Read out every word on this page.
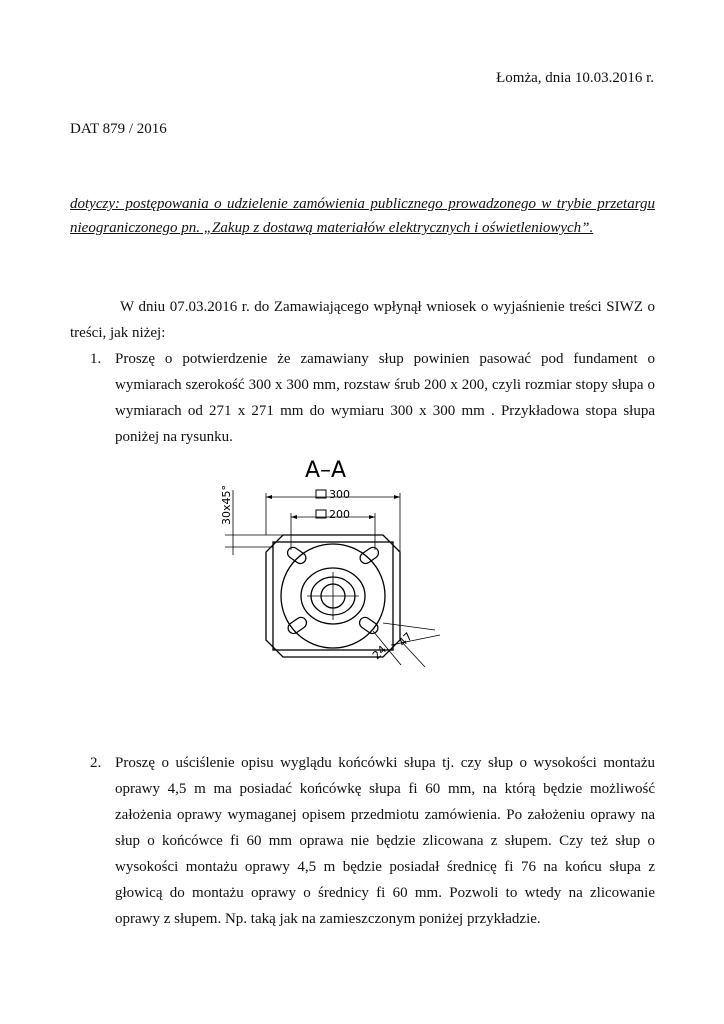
Łomża, dnia 10.03.2016 r.
DAT 879 / 2016
dotyczy: postępowania o udzielenie zamówienia publicznego prowadzonego w trybie przetargu nieograniczonego pn. „Zakup z dostawą materiałów elektrycznych i oświetleniowych”.
W dniu 07.03.2016 r. do Zamawiającego wpłynął wniosek o wyjaśnienie treści SIWZ o treści, jak niżej:
1. Proszę o potwierdzenie że zamawiany słup powinien pasować pod fundament o wymiarach szerokość 300 x 300 mm, rozstaw śrub 200 x 200, czyli rozmiar stopy słupa o wymiarach od 271 x 271 mm do wymiaru 300 x 300 mm . Przykładowa stopa słupa poniżej na rysunku.
A–A
300
200
30x45°
24
47
2. Proszę o uściślenie opisu wyglądu końcówki słupa tj. czy słup o wysokości montażu oprawy 4,5 m ma posiadać końcówkę słupa fi 60 mm, na którą będzie możliwość założenia oprawy wymaganej opisem przedmiotu zamówienia. Po założeniu oprawy na słup o końcówce fi 60 mm oprawa nie będzie zlicowana z słupem. Czy też słup o wysokości montażu oprawy 4,5 m będzie posiadał średnicę fi 76 na końcu słupa z głowicą do montażu oprawy o średnicy fi 60 mm. Pozwoli to wtedy na zlicowanie oprawy z słupem. Np. taką jak na zamieszczonym poniżej przykładzie.
